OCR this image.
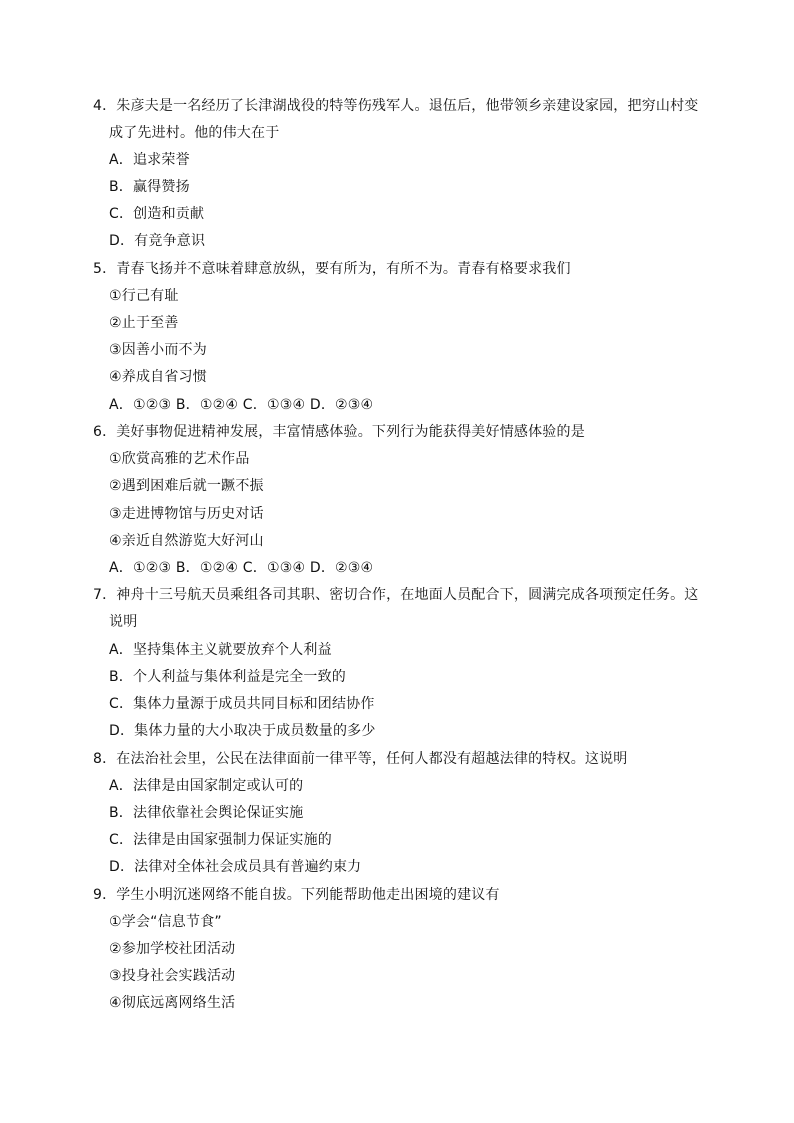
4．朱彦夫是一名经历了长津湖战役的特等伤残军人。退伍后，他带领乡亲建设家园，把穷山村变
成了先进村。他的伟大在于
A．追求荣誉
B．赢得赞扬
C．创造和贡献
D．有竞争意识
5．青春飞扬并不意味着肆意放纵，要有所为，有所不为。青春有格要求我们
①行己有耻
②止于至善
③因善小而不为
④养成自省习惯
A．①②③ B．①②④ C．①③④ D．②③④
6．美好事物促进精神发展，丰富情感体验。下列行为能获得美好情感体验的是
①欣赏高雅的艺术作品
②遇到困难后就一蹶不振
③走进博物馆与历史对话
④亲近自然游览大好河山
A．①②③ B．①②④ C．①③④ D．②③④
7．神舟十三号航天员乘组各司其职、密切合作，在地面人员配合下，圆满完成各项预定任务。这
说明
A．坚持集体主义就要放弃个人利益
B．个人利益与集体利益是完全一致的
C．集体力量源于成员共同目标和团结协作
D．集体力量的大小取决于成员数量的多少
8．在法治社会里，公民在法律面前一律平等，任何人都没有超越法律的特权。这说明
A．法律是由国家制定或认可的
B．法律依靠社会舆论保证实施
C．法律是由国家强制力保证实施的
D．法律对全体社会成员具有普遍约束力
9．学生小明沉迷网络不能自拔。下列能帮助他走出困境的建议有
①学会“信息节食”
②参加学校社团活动
③投身社会实践活动
④彻底远离网络生活
